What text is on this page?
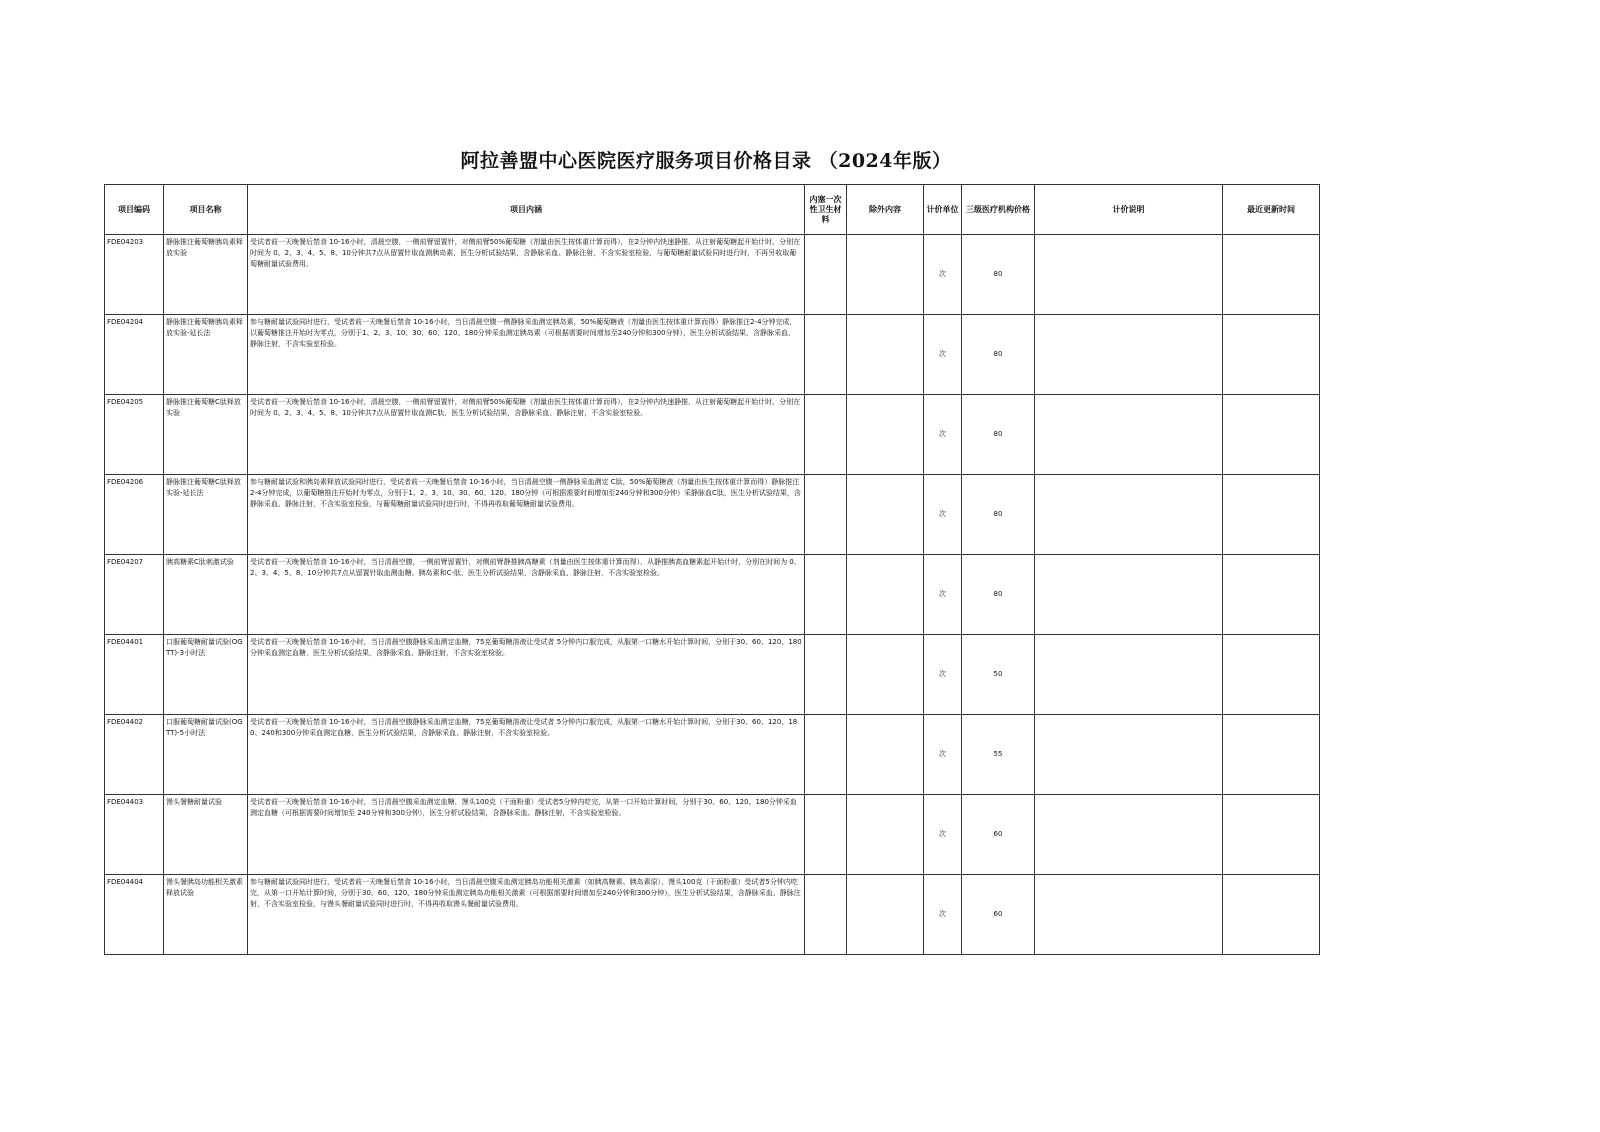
阿拉善盟中心医院医疗服务项目价格目录 （2024年版）
项目编码	项目名称	项目内涵	内塞一次性卫生材料	除外内容	计价单位	三级医疗机构价格	计价说明	最近更新时间
FDE04203	静脉推注葡萄糖胰岛素释放实验	受试者前一天晚餐后禁食 10-16小时，清晨空腹，一侧前臂留置针，对侧前臂50%葡萄糖（剂量由医生按体重计算而得），在2分钟内快速静推，从注射葡萄糖起开始计时，分别在时间为 0、2、3、4、5、8、10分钟共7点从留置针取血测胰岛素，医生分析试验结果，含静脉采血、静脉注射，不含实验室检验，与葡萄糖耐量试验同时进行时，不再另收取葡萄糖耐量试验费用。			次	80		
FDE04204	静脉推注葡萄糖胰岛素释放实验-延长法	参与糖耐量试验同时进行，受试者前一天晚餐后禁食 10-16小时，当日清晨空腹一侧静脉采血测定胰岛素，50%葡萄糖液（剂量由医生按体重计算而得）静脉推注2-4分钟完成，以葡萄糖推注开始时为零点，分别于1、2、3、10、30、60、120、180分钟采血测定胰岛素（可根据需要时间增加至240分钟和300分钟），医生分析试验结果，含静脉采血、静脉注射，不含实验室检验。			次	80		
FDE04205	静脉推注葡萄糖C肽释放实验	受试者前一天晚餐后禁食 10-16小时，清晨空腹，一侧前臂留置针，对侧前臂50%葡萄糖（剂量由医生按体重计算而得），在2分钟内快速静推，从注射葡萄糖起开始计时，分别在时间为 0、2、3、4、5、8、10分钟共7点从留置针取血测C肽，医生分析试验结果，含静脉采血、静脉注射，不含实验室检验。			次	80		
FDE04206	静脉推注葡萄糖C肽释放实验-延长法	参与糖耐量试验和胰岛素释放试验同时进行，受试者前一天晚餐后禁食 10-16小时，当日清晨空腹一侧静脉采血测定 C肽，50%葡萄糖液（剂量由医生按体重计算而得）静脉推注2-4分钟完成，以葡萄糖推注开始时为零点，分别于1、2、3、10、30、60、120、180分钟（可根据需要时间增加至240分钟和300分钟）采静脉血C肽，医生分析试验结果，含静脉采血、静脉注射，不含实验室检验，与葡萄糖耐量试验同时进行时，不得再收取葡萄糖耐量试验费用。			次	80		
FDE04207	胰高糖素C肽刺激试验	受试者前一天晚餐后禁食 10-16小时，当日清晨空腹，一侧前臂留置针，对侧前臂静推胰高糖素（剂量由医生按体重计算而得），从静推胰高血糖素起开始计时，分别在时间为 0、2、3、4、5、8、10分钟共7点从留置针取血测血糖、胰岛素和C-肽，医生分析试验结果，含静脉采血、静脉注射，不含实验室检验。			次	80		
FDE04401	口服葡萄糖耐量试验(OGTT)-3小时法	受试者前一天晚餐后禁食 10-16小时，当日清晨空腹静脉采血测定血糖，75克葡萄糖溶液让受试者 5分钟内口服完成，从服第一口糖水开始计算时间，分别于30、60、120、180分钟采血测定血糖，医生分析试验结果，含静脉采血、静脉注射，不含实验室检验。			次	50		
FDE04402	口服葡萄糖耐量试验(OGTT)-5小时法	受试者前一天晚餐后禁食 10-16小时，当日清晨空腹静脉采血测定血糖，75克葡萄糖溶液让受试者 5分钟内口服完成，从服第一口糖水开始计算时间，分别于30、60、120、180、240和300分钟采血测定血糖，医生分析试验结果，含静脉采血、静脉注射，不含实验室检验。			次	55		
FDE04403	馒头餐糖耐量试验	受试者前一天晚餐后禁食 10-16小时，当日清晨空腹采血测定血糖，馒头100克（干面粉重）受试者5分钟内吃完，从第一口开始计算时间，分别于30、60、120、180分钟采血测定血糖（可根据需要时间增加至 240分钟和300分钟），医生分析试验结果，含静脉采血、静脉注射，不含实验室检验。			次	60		
FDE04404	馒头餐胰岛功能相关激素释放试验	参与糖耐量试验同时进行，受试者前一天晚餐后禁食 10-16小时，当日清晨空腹采血测定胰岛功能相关激素（如胰高糖素、胰岛素原），馒头100克（干面粉重）受试者5分钟内吃完，从第一口开始计算时间，分别于30、60、120、180分钟采血测定胰岛功能相关激素（可根据需要时间增加至240分钟和300分钟），医生分析试验结果，含静脉采血、静脉注射，不含实验室检验，与馒头餐耐量试验同时进行时，不得再收取馒头餐耐量试验费用。			次	60		
